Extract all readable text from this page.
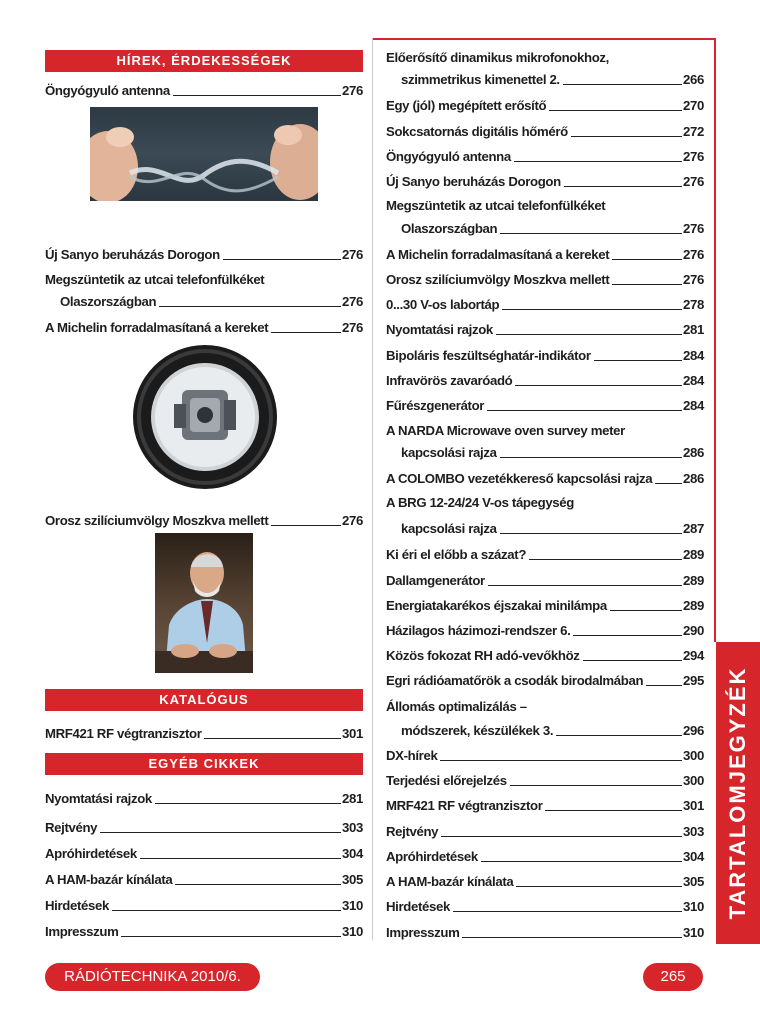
HÍREK, ÉRDEKESSÉGEK
Öngyógyuló antenna	276
Új Sanyo beruházás Dorogon	276
Megszüntetik az utcai telefonfülkéket
Olaszországban	276
A Michelin forradalmasítaná a kereket	276
Orosz szilíciumvölgy Moszkva mellett	276
KATALÓGUS
MRF421 RF végtranzisztor	301
EGYÉB CIKKEK
Nyomtatási rajzok	281
Rejtvény	303
Apróhirdetések	304
A HAM-bazár kínálata	305
Hirdetések	310
Impresszum	310
Előerősítő dinamikus mikrofonokhoz,
szimmetrikus kimenettel 2.	266
Egy (jól) megépített erősítő	270
Sokcsatornás digitális hőmérő	272
Öngyógyuló antenna	276
Új Sanyo beruházás Dorogon	276
Megszüntetik az utcai telefonfülkéket
Olaszországban	276
A Michelin forradalmasítaná a kereket	276
Orosz szilíciumvölgy Moszkva mellett	276
0...30 V-os labortáp	278
Nyomtatási rajzok	281
Bipoláris feszültséghatár-indikátor	284
Infravörös zavaróadó	284
Fűrészgenerátor	284
A NARDA Microwave oven survey meter
kapcsolási rajza	286
A COLOMBO vezetékkereső kapcsolási rajza 286
A BRG 12-24/24 V-os tápegység
kapcsolási rajza	287
Ki éri el előbb a százat?	289
Dallamgenerátor	289
Energiatakarékos éjszakai minilámpa	289
Házilagos házimozi-rendszer 6.	290
Közös fokozat RH adó-vevőkhöz	294
Egri rádióamatőrök a csodák birodalmában	295
Állomás optimalizálás –
módszerek, készülékek 3.	296
DX-hírek	300
Terjedési előrejelzés	300
MRF421 RF végtranzisztor	301
Rejtvény	303
Apróhirdetések	304
A HAM-bazár kínálata	305
Hirdetések	310
Impresszum	310
TARTALOMJEGYZÉK
RÁDIÓTECHNIKA 2010/6.	265
